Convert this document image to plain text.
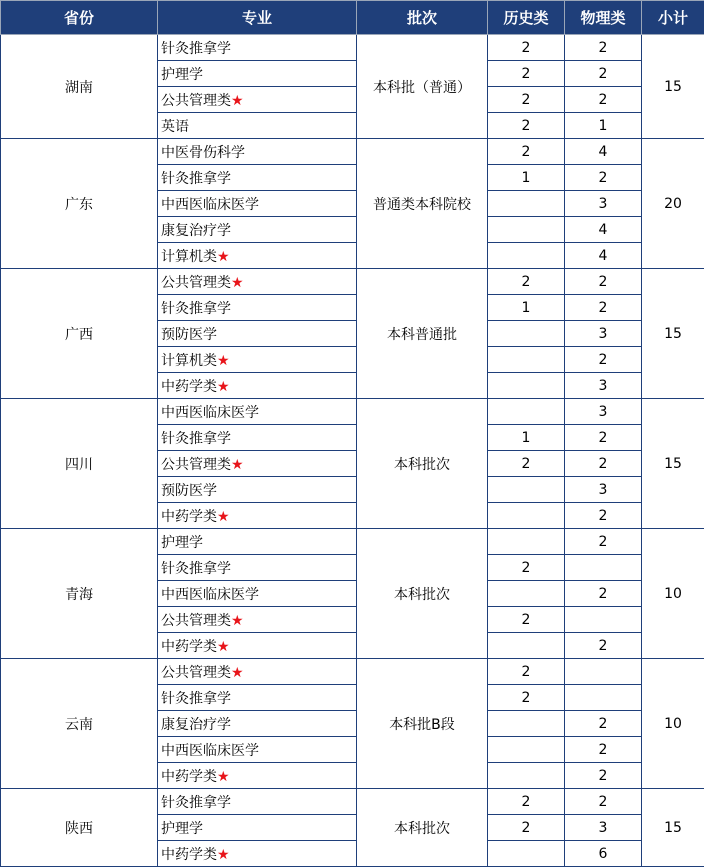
省份	专业	批次	历史类	物理类	小计
湖南	针灸推拿学	本科批（普通）	2	2	15
	护理学		2	2	
	公共管理类★		2	2	
	英语		2	1	
广东	中医骨伤科学	普通类本科院校	2	4	20
	针灸推拿学		1	2	
	中西医临床医学			3	
	康复治疗学			4	
	计算机类★			4	
广西	公共管理类★	本科普通批	2	2	15
	针灸推拿学		1	2	
	预防医学			3	
	计算机类★			2	
	中药学类★			3	
四川	中西医临床医学	本科批次		3	15
	针灸推拿学		1	2	
	公共管理类★		2	2	
	预防医学			3	
	中药学类★			2	
青海	护理学	本科批次		2	10
	针灸推拿学		2		
	中西医临床医学			2	
	公共管理类★		2		
	中药学类★			2	
云南	公共管理类★	本科批B段	2		10
	针灸推拿学		2		
	康复治疗学			2	
	中西医临床医学			2	
	中药学类★			2	
陕西	针灸推拿学	本科批次	2	2	15
	护理学		2	3	
	中药学类★			6	
